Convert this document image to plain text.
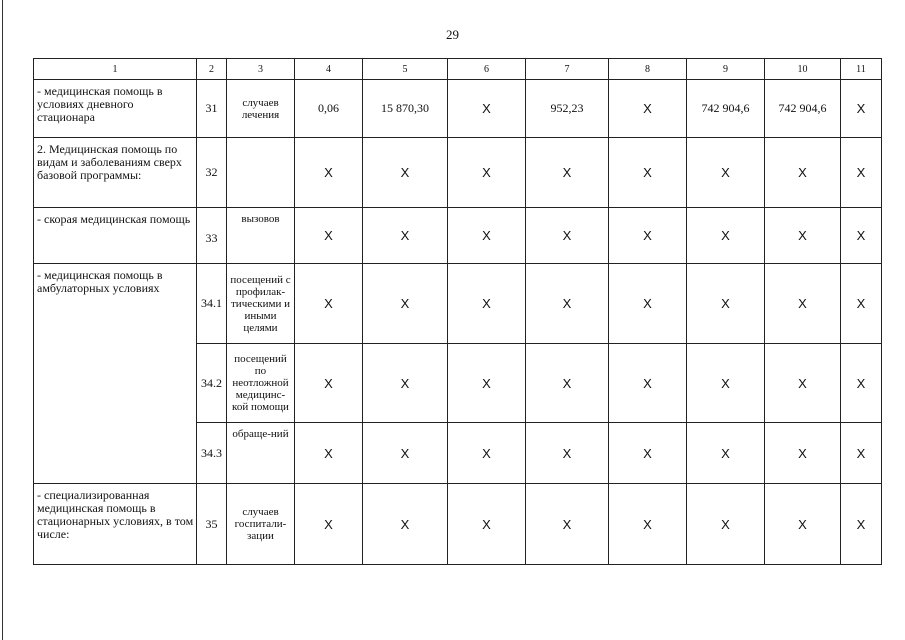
29
1	2	3	4	5	6	7	8	9	10	11
- медицинская помощь в условиях дневного стационара	31	случаев лечения	0,06	15 870,30	Х	952,23	Х	742 904,6	742 904,6	Х
2. Медицинская помощь по видам и заболеваниям сверх базовой программы:	32		Х	Х	Х	Х	Х	Х	Х	Х
- скорая медицинская помощь	33	вызовов	Х	Х	Х	Х	Х	Х	Х	Х
- медицинская помощь в амбулаторных условиях	34.1	посещений с профилак-тическими и иными целями	Х	Х	Х	Х	Х	Х	Х	Х
	34.2	посещений по неотложной медицинс-кой помощи	Х	Х	Х	Х	Х	Х	Х	Х
	34.3	обраще-ний	Х	Х	Х	Х	Х	Х	Х	Х
- специализированная медицинская помощь в стационарных условиях, в том числе:	35	случаев госпитали-зации	Х	Х	Х	Х	Х	Х	Х	Х
